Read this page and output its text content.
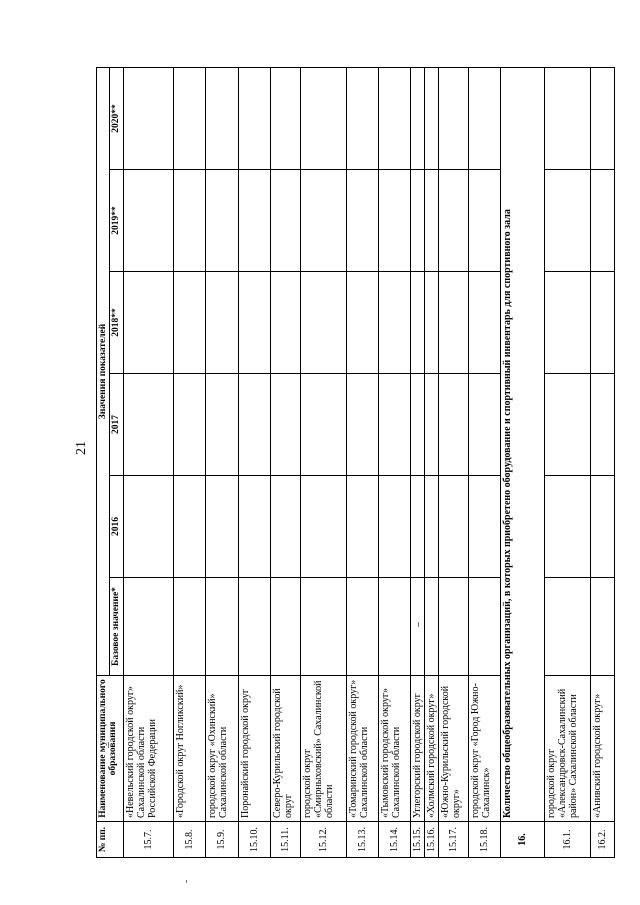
21
№ пп.	Наименование муниципального образования	Значения показателей					
		Базовое значение*	2016	2017	2018**	2019**	2020**
15.7.	«Невельский городской округ» Сахалинской области Российской Федерации						
15.8.	«Городской округ Ногликский»						
15.9.	городской округ «Охинский» Сахалинской области						
15.10.	Поронайский городской округ						
15.11.	Северо-Курильский городской округ						
15.12.	городской округ «Смирныховский» Сахалинской области						
15.13.	«Томаринский городской округ» Сахалинской области						
15.14.	«Тымовский городской округ» Сахалинской области						
15.15.	Углегорский городской округ						
15.16.	«Холмский городской округ»						
15.17.	«Южно-Курильский городской округ»						
15.18.	городской округ «Город Южно-Сахалинск»						
16.	Количество общеобразовательных организаций, в которых приобретено оборудование и спортивный инвентарь для спортивного зала						
16.1.	городской округ «Александровск-Сахалинский район» Сахалинской области						
16.2.	«Анивский городской округ»						
